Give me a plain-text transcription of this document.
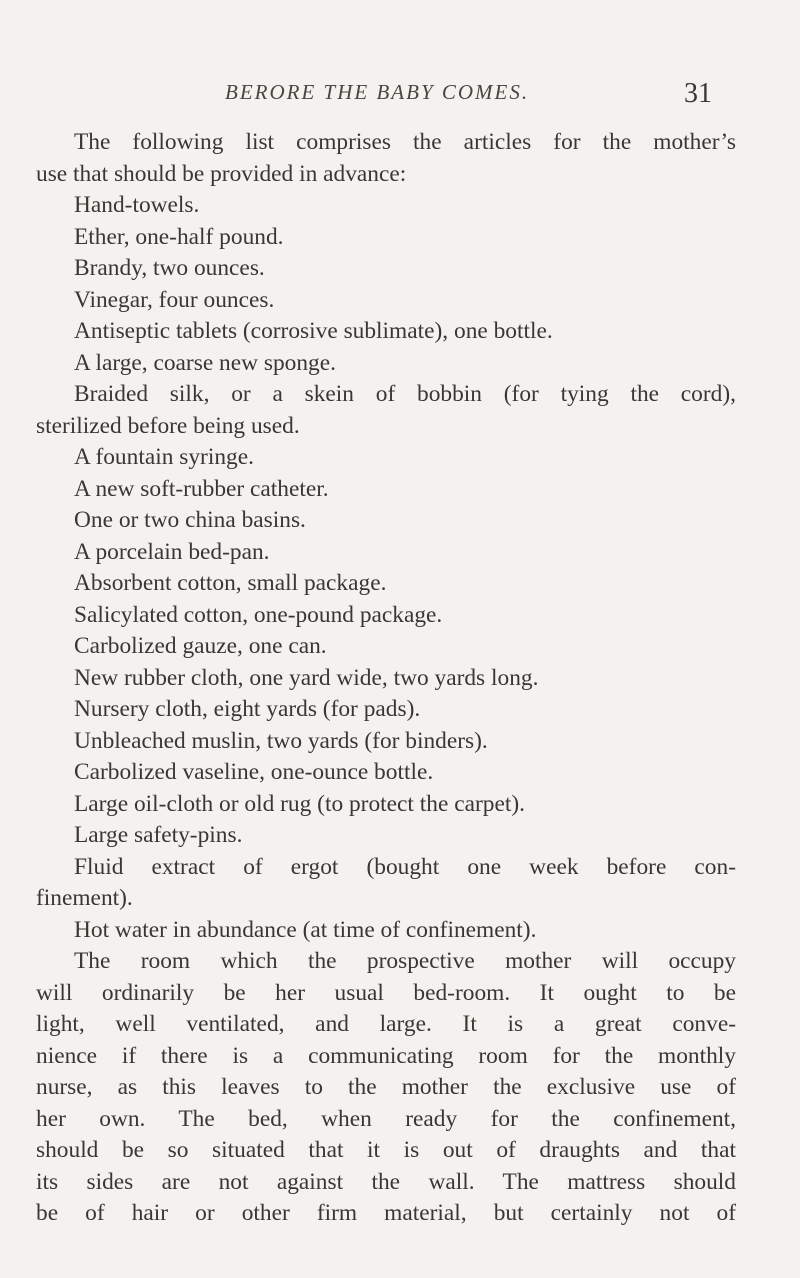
BERORE THE BABY COMES.	31
The following list comprises the articles for the mother’s
use that should be provided in advance:
Hand-towels.
Ether, one-half pound.
Brandy, two ounces.
Vinegar, four ounces.
Antiseptic tablets (corrosive sublimate), one bottle.
A large, coarse new sponge.
Braided silk, or a skein of bobbin (for tying the cord),
sterilized before being used.
A fountain syringe.
A new soft-rubber catheter.
One or two china basins.
A porcelain bed-pan.
Absorbent cotton, small package.
Salicylated cotton, one-pound package.
Carbolized gauze, one can.
New rubber cloth, one yard wide, two yards long.
Nursery cloth, eight yards (for pads).
Unbleached muslin, two yards (for binders).
Carbolized vaseline, one-ounce bottle.
Large oil-cloth or old rug (to protect the carpet).
Large safety-pins.
Fluid extract of ergot (bought one week before con-
finement).
Hot water in abundance (at time of confinement).
The room which the prospective mother will occupy
will ordinarily be her usual bed-room. It ought to be
light, well ventilated, and large. It is a great conve-
nience if there is a communicating room for the monthly
nurse, as this leaves to the mother the exclusive use of
her own. The bed, when ready for the confinement,
should be so situated that it is out of draughts and that
its sides are not against the wall. The mattress should
be of hair or other firm material, but certainly not of
